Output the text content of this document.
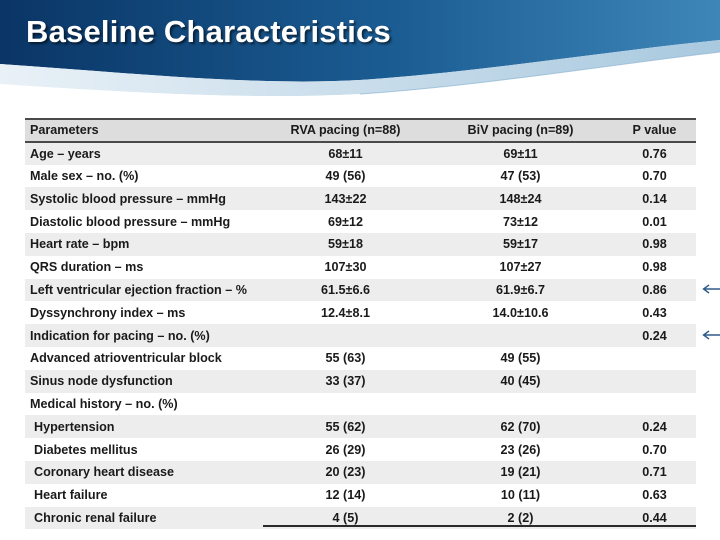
Baseline Characteristics
Parameters	RVA pacing (n=88)	BiV pacing (n=89)	P value
Age – years	68±11	69±11	0.76
Male sex – no. (%)	49 (56)	47 (53)	0.70
Systolic blood pressure – mmHg	143±22	148±24	0.14
Diastolic blood pressure – mmHg	69±12	73±12	0.01
Heart rate – bpm	59±18	59±17	0.98
QRS duration – ms	107±30	107±27	0.98
Left ventricular ejection fraction – %	61.5±6.6	61.9±6.7	0.86
Dyssynchrony index – ms	12.4±8.1	14.0±10.6	0.43
Indication for pacing – no. (%)			0.24
Advanced atrioventricular block	55 (63)	49 (55)	
Sinus node dysfunction	33 (37)	40 (45)	
Medical history – no. (%)			
Hypertension	55 (62)	62 (70)	0.24
Diabetes mellitus	26 (29)	23 (26)	0.70
Coronary heart disease	20 (23)	19 (21)	0.71
Heart failure	12 (14)	10 (11)	0.63
Chronic renal failure	4 (5)	2 (2)	0.44
